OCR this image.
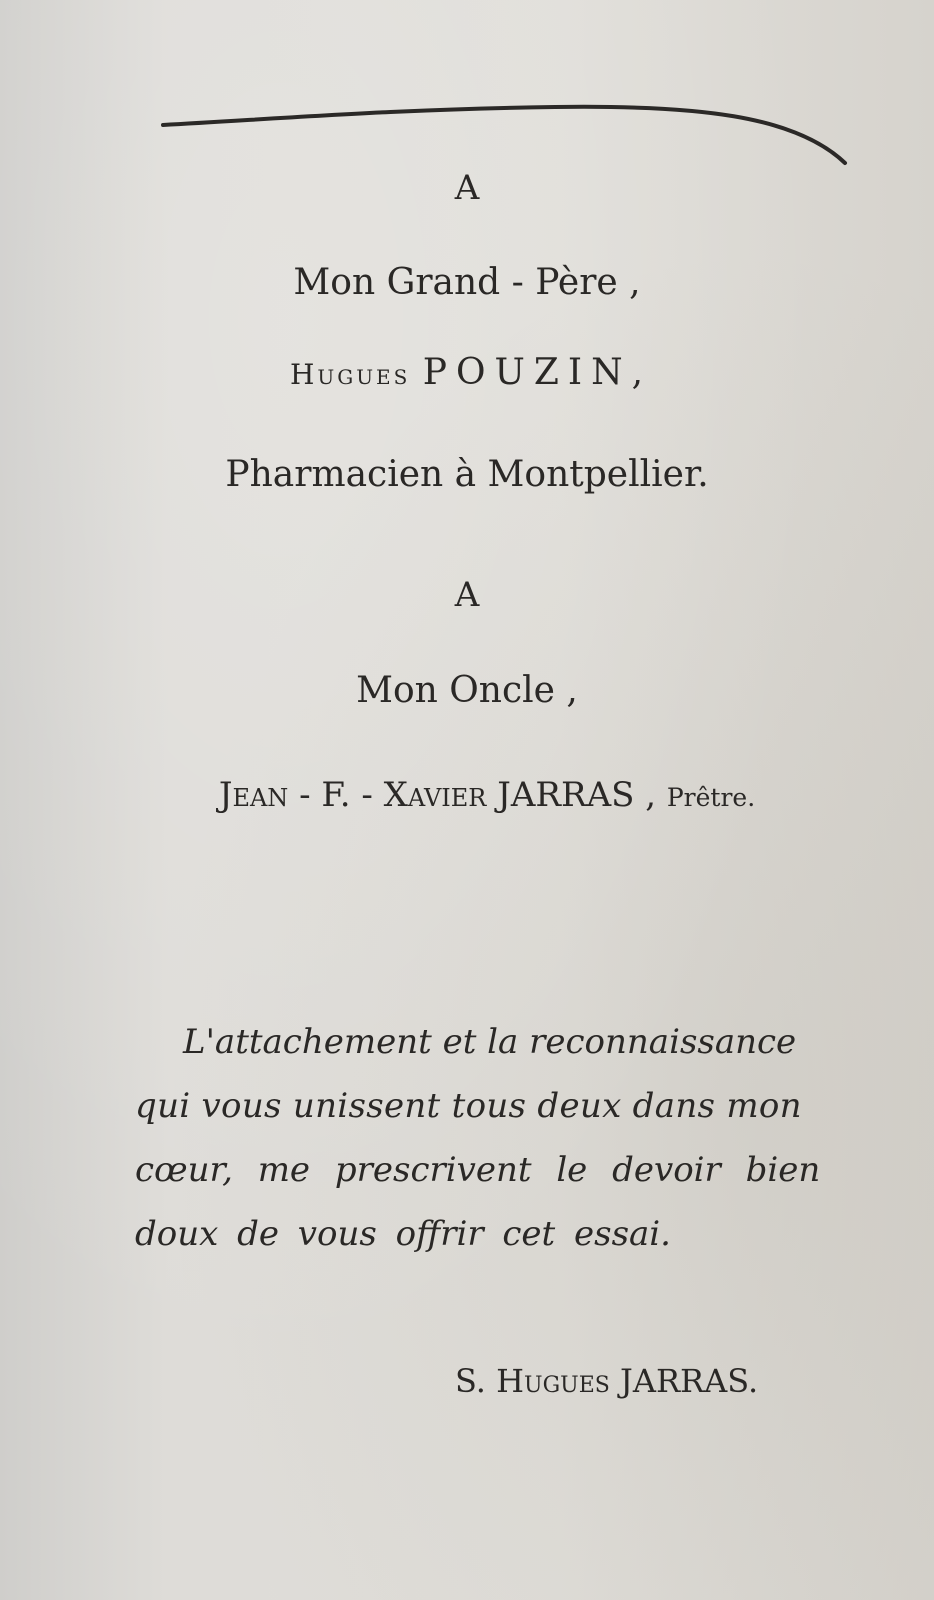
A
Mon Grand - Père ,
Hugues POUZIN,
Pharmacien à Montpellier.
A
Mon Oncle ,
Jean - F. - Xavier JARRAS , Prêtre.
L'attachement et la reconnaissance
qui vous unissent tous deux dans mon
cœur, me prescrivent le devoir bien
doux de vous offrir cet essai.
S. Hugues JARRAS.
